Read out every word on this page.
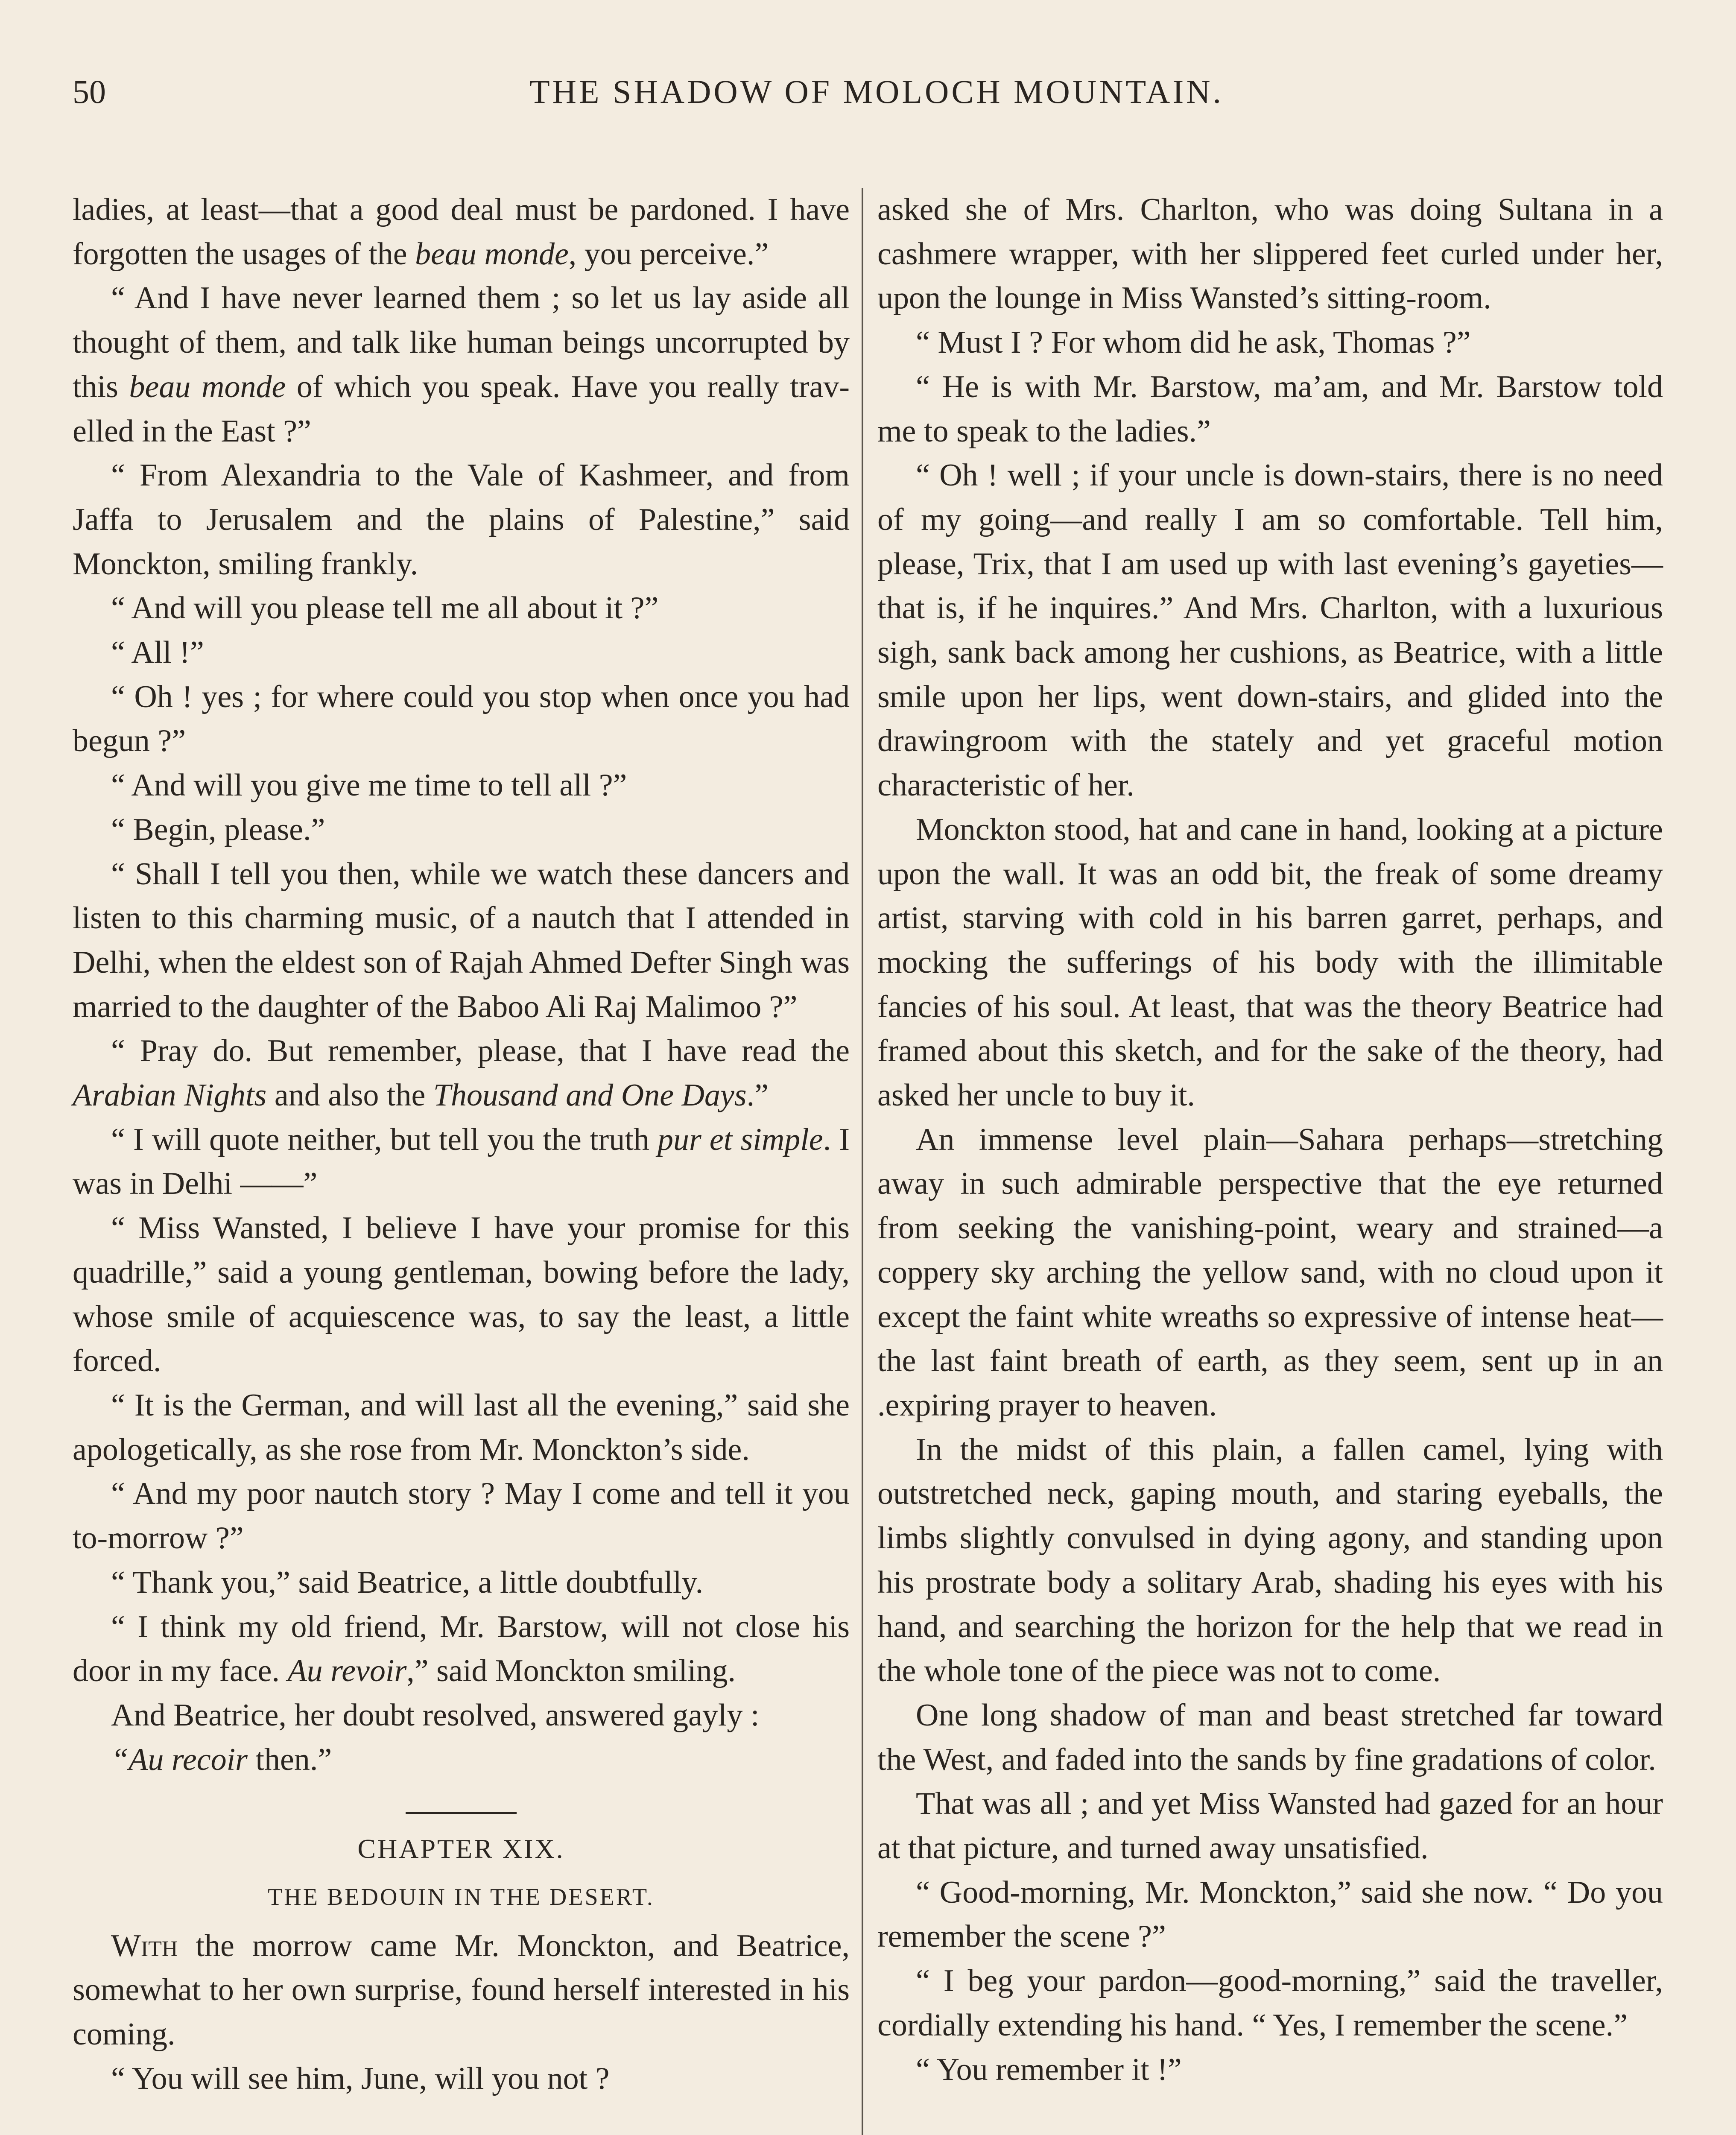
50	THE SHADOW OF MOLOCH MOUNTAIN.

ladies, at least—that a good deal must be pardoned. I have forgotten the usages of the beau monde, you perceive.”

“ And I have never learned them ; so let us lay aside all thought of them, and talk like human beings uncorrupted by this beau monde of which you speak. Have you really travelled in the East ?”

“ From Alexandria to the Vale of Kashmeer, and from Jaffa to Jerusalem and the plains of Palestine,” said Monckton, smiling frankly.

“ And will you please tell me all about it ?”

“ All !”

“ Oh ! yes ; for where could you stop when once you had begun ?”

“ And will you give me time to tell all ?”

“ Begin, please.”

“ Shall I tell you then, while we watch these dancers and listen to this charming music, of a nautch that I attended in Delhi, when the eldest son of Rajah Ahmed Defter Singh was married to the daughter of the Baboo Ali Raj Malimoo ?”

“ Pray do. But remember, please, that I have read the Arabian Nights and also the Thousand and One Days.”

“ I will quote neither, but tell you the truth pur et simple. I was in Delhi ——”

“ Miss Wansted, I believe I have your promise for this quadrille,” said a young gentleman, bowing before the lady, whose smile of acquiescence was, to say the least, a little forced.

“ It is the German, and will last all the evening,” said she apologetically, as she rose from Mr. Monckton’s side.

“ And my poor nautch story ? May I come and tell it you to-morrow ?”

“ Thank you,” said Beatrice, a little doubtfully.

“ I think my old friend, Mr. Barstow, will not close his door in my face. Au revoir,” said Monckton smiling.

And Beatrice, her doubt resolved, answered gayly :

“Au recoir then.”

CHAPTER XIX.
THE BEDOUIN IN THE DESERT.

With the morrow came Mr. Monckton, and Beatrice, somewhat to her own surprise, found herself interested in his coming.

“ You will see him, June, will you not ?

asked she of Mrs. Charlton, who was doing Sultana in a cashmere wrapper, with her slippered feet curled under her, upon the lounge in Miss Wansted’s sitting-room.

“ Must I ? For whom did he ask, Thomas ?”

“ He is with Mr. Barstow, ma’am, and Mr. Barstow told me to speak to the ladies.”

“ Oh ! well ; if your uncle is down-stairs, there is no need of my going—and really I am so comfortable. Tell him, please, Trix, that I am used up with last evening’s gayeties—that is, if he inquires.” And Mrs. Charlton, with a luxurious sigh, sank back among her cushions, as Beatrice, with a little smile upon her lips, went down-stairs, and glided into the drawingroom with the stately and yet graceful motion characteristic of her.

Monckton stood, hat and cane in hand, looking at a picture upon the wall. It was an odd bit, the freak of some dreamy artist, starving with cold in his barren garret, perhaps, and mocking the sufferings of his body with the illimitable fancies of his soul. At least, that was the theory Beatrice had framed about this sketch, and for the sake of the theory, had asked her uncle to buy it.

An immense level plain—Sahara perhaps—stretching away in such admirable perspective that the eye returned from seeking the vanishing-point, weary and strained—a coppery sky arching the yellow sand, with no cloud upon it except the faint white wreaths so expressive of intense heat—the last faint breath of earth, as they seem, sent up in an .expiring prayer to heaven.

In the midst of this plain, a fallen camel, lying with outstretched neck, gaping mouth, and staring eyeballs, the limbs slightly convulsed in dying agony, and standing upon his prostrate body a solitary Arab, shading his eyes with his hand, and searching the horizon for the help that we read in the whole tone of the piece was not to come.

One long shadow of man and beast stretched far toward the West, and faded into the sands by fine gradations of color.

That was all ; and yet Miss Wansted had gazed for an hour at that picture, and turned away unsatisfied.

“ Good-morning, Mr. Monckton,” said she now. “ Do you remember the scene ?”

“ I beg your pardon—good-morning,” said the traveller, cordially extending his hand. “ Yes, I remember the scene.”

“ You remember it !”
